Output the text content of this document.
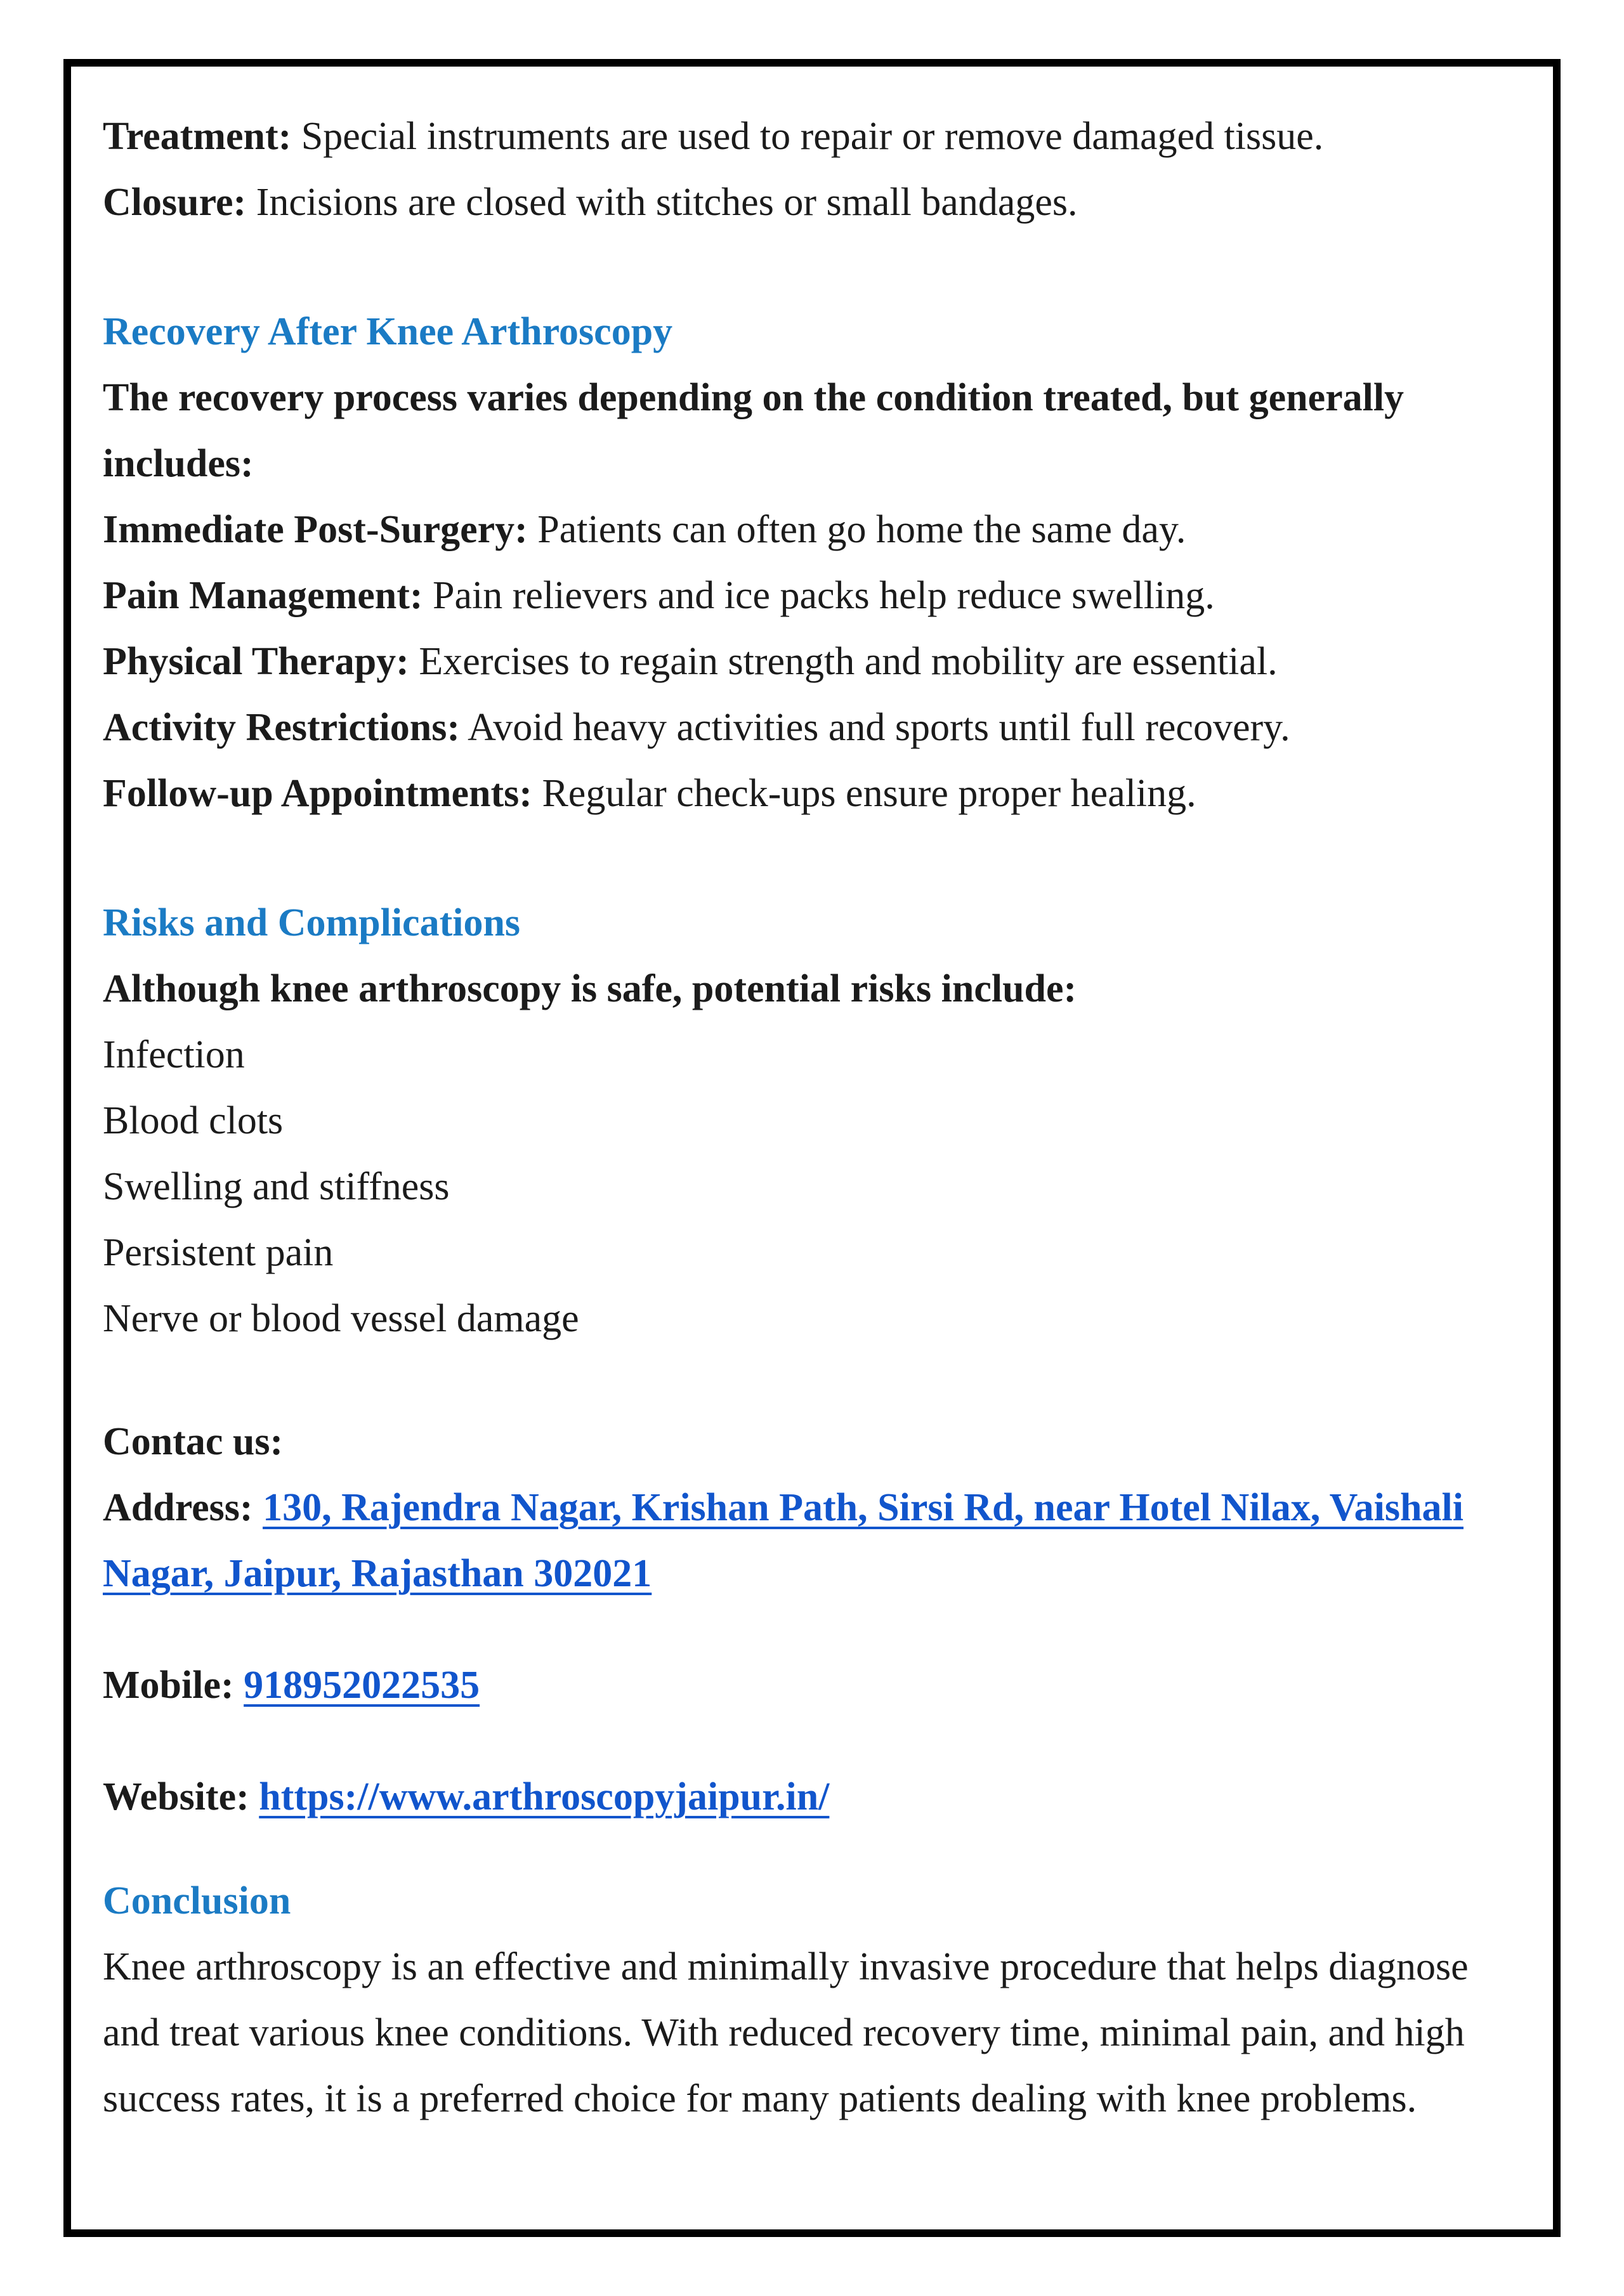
Treatment: Special instruments are used to repair or remove damaged tissue.

Closure: Incisions are closed with stitches or small bandages.

Recovery After Knee Arthroscopy

The recovery process varies depending on the condition treated, but generally includes:

Immediate Post-Surgery: Patients can often go home the same day.

Pain Management: Pain relievers and ice packs help reduce swelling.

Physical Therapy: Exercises to regain strength and mobility are essential.

Activity Restrictions: Avoid heavy activities and sports until full recovery.

Follow-up Appointments: Regular check-ups ensure proper healing.

Risks and Complications

Although knee arthroscopy is safe, potential risks include:

Infection

Blood clots

Swelling and stiffness

Persistent pain

Nerve or blood vessel damage

Contac us:

Address: 130, Rajendra Nagar, Krishan Path, Sirsi Rd, near Hotel Nilax, Vaishali Nagar, Jaipur, Rajasthan 302021

Mobile: 918952022535

Website: https://www.arthroscopyjaipur.in/

Conclusion

Knee arthroscopy is an effective and minimally invasive procedure that helps diagnose and treat various knee conditions. With reduced recovery time, minimal pain, and high success rates, it is a preferred choice for many patients dealing with knee problems.
